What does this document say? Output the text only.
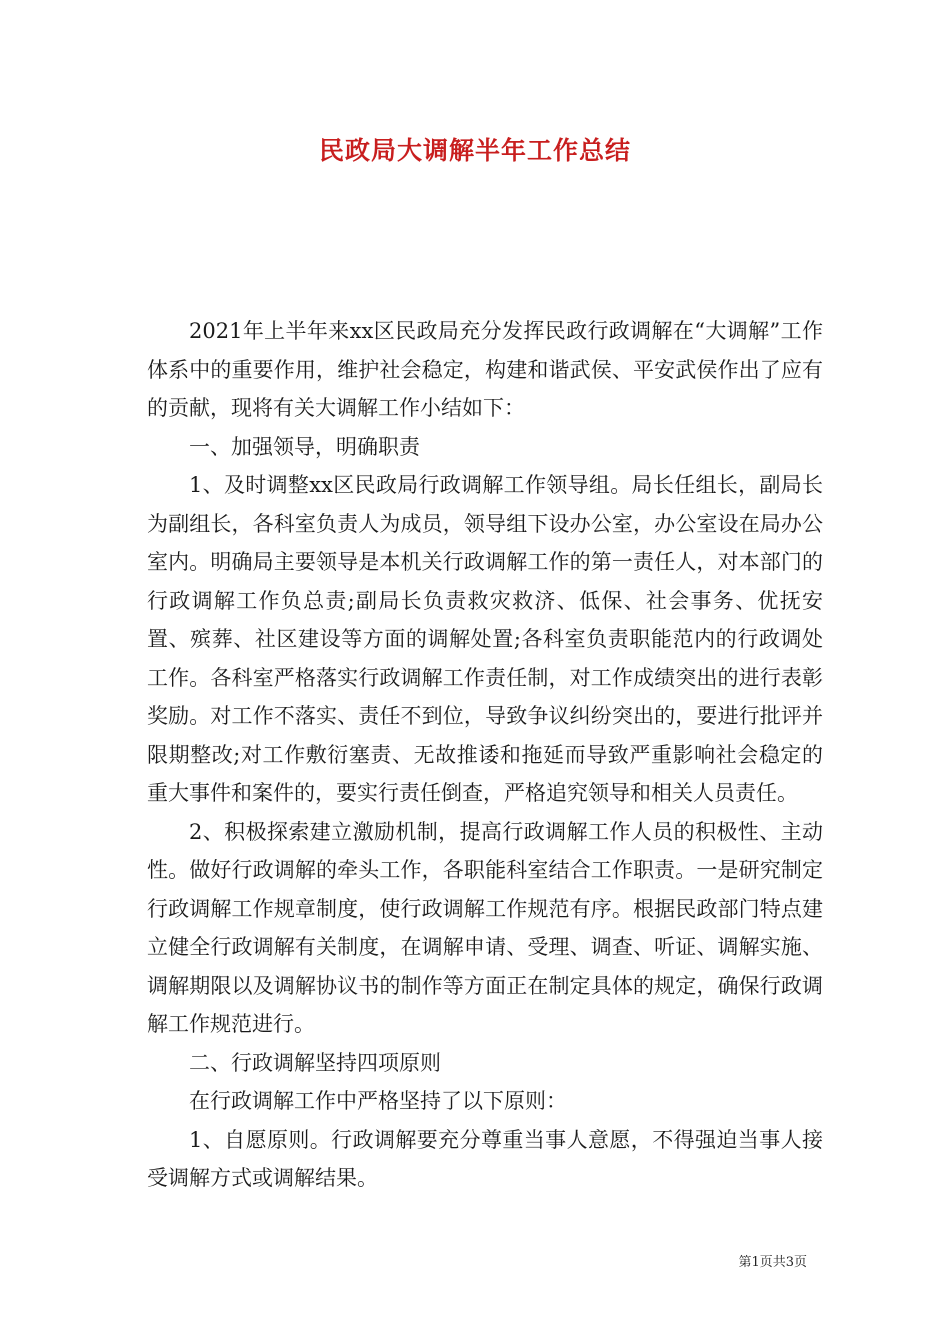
民政局大调解半年工作总结

2021年上半年来xx区民政局充分发挥民政行政调解在“大调解”工作体系中的重要作用，维护社会稳定，构建和谐武侯、平安武侯作出了应有的贡献，现将有关大调解工作小结如下：

一、加强领导，明确职责

1、及时调整xx区民政局行政调解工作领导组。局长任组长，副局长为副组长，各科室负责人为成员，领导组下设办公室，办公室设在局办公室内。明确局主要领导是本机关行政调解工作的第一责任人，对本部门的行政调解工作负总责;副局长负责救灾救济、低保、社会事务、优抚安置、殡葬、社区建设等方面的调解处置;各科室负责职能范内的行政调处工作。各科室严格落实行政调解工作责任制，对工作成绩突出的进行表彰奖励。对工作不落实、责任不到位，导致争议纠纷突出的，要进行批评并限期整改;对工作敷衍塞责、无故推诿和拖延而导致严重影响社会稳定的重大事件和案件的，要实行责任倒查，严格追究领导和相关人员责任。

2、积极探索建立激励机制，提高行政调解工作人员的积极性、主动性。做好行政调解的牵头工作，各职能科室结合工作职责。一是研究制定行政调解工作规章制度，使行政调解工作规范有序。根据民政部门特点建立健全行政调解有关制度，在调解申请、受理、调查、听证、调解实施、调解期限以及调解协议书的制作等方面正在制定具体的规定，确保行政调解工作规范进行。

二、行政调解坚持四项原则

在行政调解工作中严格坚持了以下原则：

1、自愿原则。行政调解要充分尊重当事人意愿，不得强迫当事人接受调解方式或调解结果。

第1页共3页
